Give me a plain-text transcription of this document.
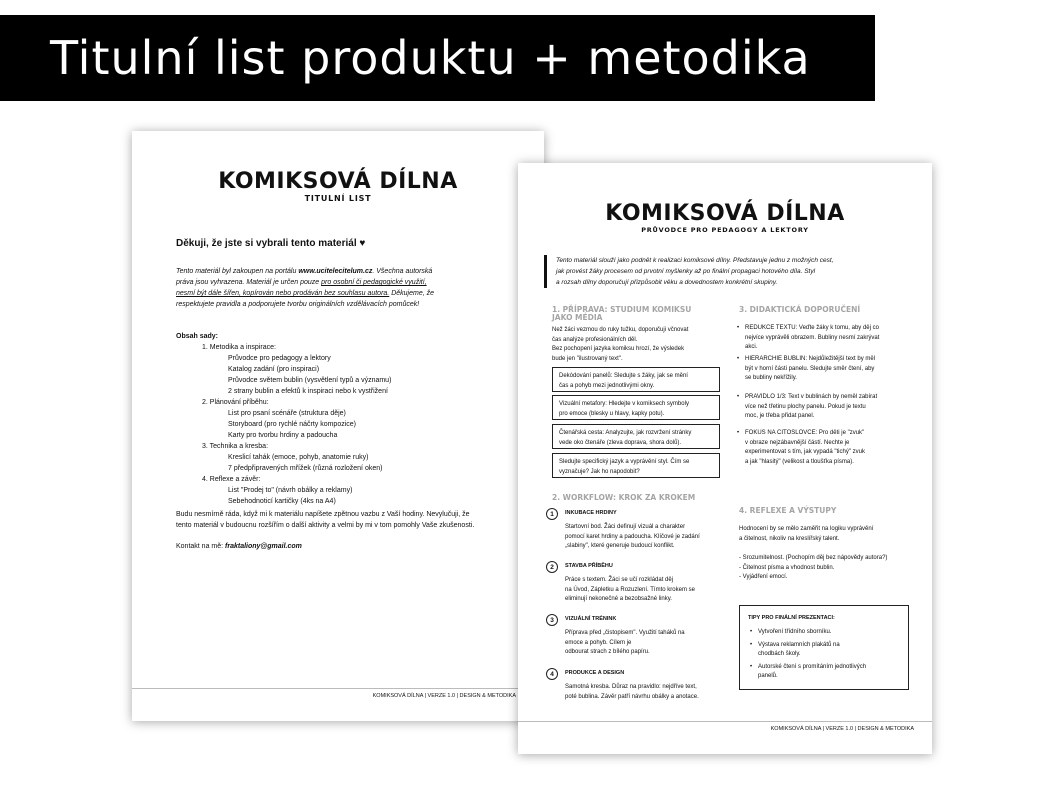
Titulní list produktu + metodika
KOMIKSOVÁ DÍLNA
TITULNÍ LIST
Děkuji, že jste si vybrali tento materiál ♥
Tento materiál byl zakoupen na portálu www.ucitelecitelum.cz. Všechna autorská
práva jsou vyhrazena. Materiál je určen pouze pro osobní či pedagogické využití,
nesmí být dále šířen, kopírován nebo prodáván bez souhlasu autora. Děkujeme, že
respektujete pravidla a podporujete tvorbu originálních vzdělávacích pomůcek!
Obsah sady:
1. Metodika a inspirace:
Průvodce pro pedagogy a lektory
Katalog zadání (pro inspiraci)
Průvodce světem bublin (vysvětlení typů a významu)
2 strany bublin a efektů k inspiraci nebo k vystřižení
2. Plánování příběhu:
List pro psaní scénáře (struktura děje)
Storyboard (pro rychlé náčrty kompozice)
Karty pro tvorbu hrdiny a padoucha
3. Technika a kresba:
Kreslicí tahák (emoce, pohyb, anatomie ruky)
7 předpřipravených mřížek (různá rozložení oken)
4. Reflexe a závěr:
List "Prodej to" (návrh obálky a reklamy)
Sebehodnoticí kartičky (4ks na A4)
Budu nesmírně ráda, když mi k materiálu napíšete zpětnou vazbu z Vaší hodiny. Nevylučuji, že
tento materiál v budoucnu rozšířím o další aktivity a velmi by mi v tom pomohly Vaše zkušenosti.
Kontakt na mě: fraktaliony@gmail.com
KOMIKSOVÁ DÍLNA | VERZE 1.0 | DESIGN & METODIKA
KOMIKSOVÁ DÍLNA
PRŮVODCE PRO PEDAGOGY A LEKTORY
Tento materiál slouží jako podnět k realizaci komiksové dílny. Představuje jednu z možných cest,
jak provést žáky procesem od prvotní myšlenky až po finální propagaci hotového díla. Styl
a rozsah dílny doporučují přizpůsobit věku a dovednostem konkrétní skupiny.
1. PŘÍPRAVA: STUDIUM KOMIKSU
JAKO MÉDIA
Než žáci vezmou do ruky tužku, doporučuji včnovat
čas analýze profesionálních děl.
Bez pochopení jazyka komiksu hrozí, že výsledek
bude jen "ilustrovaný text".
2. WORKFLOW: KROK ZA KROKEM
3. DIDAKTICKÁ DOPORUČENÍ
4. REFLEXE A VÝSTUPY
Hodnocení by se mělo zaměřit na logiku vyprávění
a čitelnost, nikoliv na kreslířský talent.
- Srozumitelnost. (Pochopím děj bez nápovědy autora?)
- Čitelnost písma a vhodnost bublin.
- Vyjádření emocí.
TIPY PRO FINÁLNÍ PREZENTACI:
• Vytvoření třídního sborníku.
• Výstava reklamních plakátů na
chodbách školy.
• Autorské čtení s promítáním jednotlivých
panelů.
KOMIKSOVÁ DÍLNA | VERZE 1.0 | DESIGN & METODIKA
Dekódování panelů: Sledujte s žáky, jak se mění
čas a pohyb mezi jednotlivými okny.
Vizuální metafory: Hledejte v komiksech symboly
pro emoce (blesky u hlavy, kapky potu).
Čtenářská cesta: Analyzujte, jak rozvržení stránky
vede oko čtenáře (zleva doprava, shora dolů).
Sledujte specifický jazyk a vyprávění styl. Čím se
vyznačuje? Jak ho napodobit?
1	INKUBACE HRDINY
Startovní bod. Žáci definují vizuál a charakter
pomocí karet hrdiny a padoucha. Klíčové je zadání
„slabiny", které generuje budoucí konflikt.
2	STAVBA PŘÍBĚHU
Práce s textem. Žáci se učí rozkládat děj
na Úvod, Zápletku a Rozuzlení. Tímto krokem se
eliminují nekonečné a bezobsažné linky.
3	VIZUÁLNÍ TRÉNINK
Příprava před „čistopisem". Využití taháků na
emoce a pohyb. Cílem je
odbourat strach z bílého papíru.
4	PRODUKCE A DESIGN
Samotná kresba. Důraz na pravidlo: nejdříve text,
poté bublina. Závěr patří návrhu obálky a anotace.
• REDUKCE TEXTU: Veďte žáky k tomu, aby děj co
nejvíce vyprávěli obrazem. Bubliny nesmí zakrývat
akci.
• HIERARCHIE BUBLIN: Nejdůležitější text by měl
být v horní části panelu. Sledujte směr čtení, aby
se bubliny nekřížily.
• PRAVIDLO 1/3: Text v bublinách by neměl zabírat
více než třetinu plochy panelu. Pokud je textu
moc, je třeba přidat panel.
• FOKUS NA CITOSLOVCE: Pro děti je "zvuk"
v obraze nejzábavnější částí. Nechte je
experimentovat s tím, jak vypadá "tichý" zvuk
a jak "hlasitý" (velikost a tloušťka písma).
